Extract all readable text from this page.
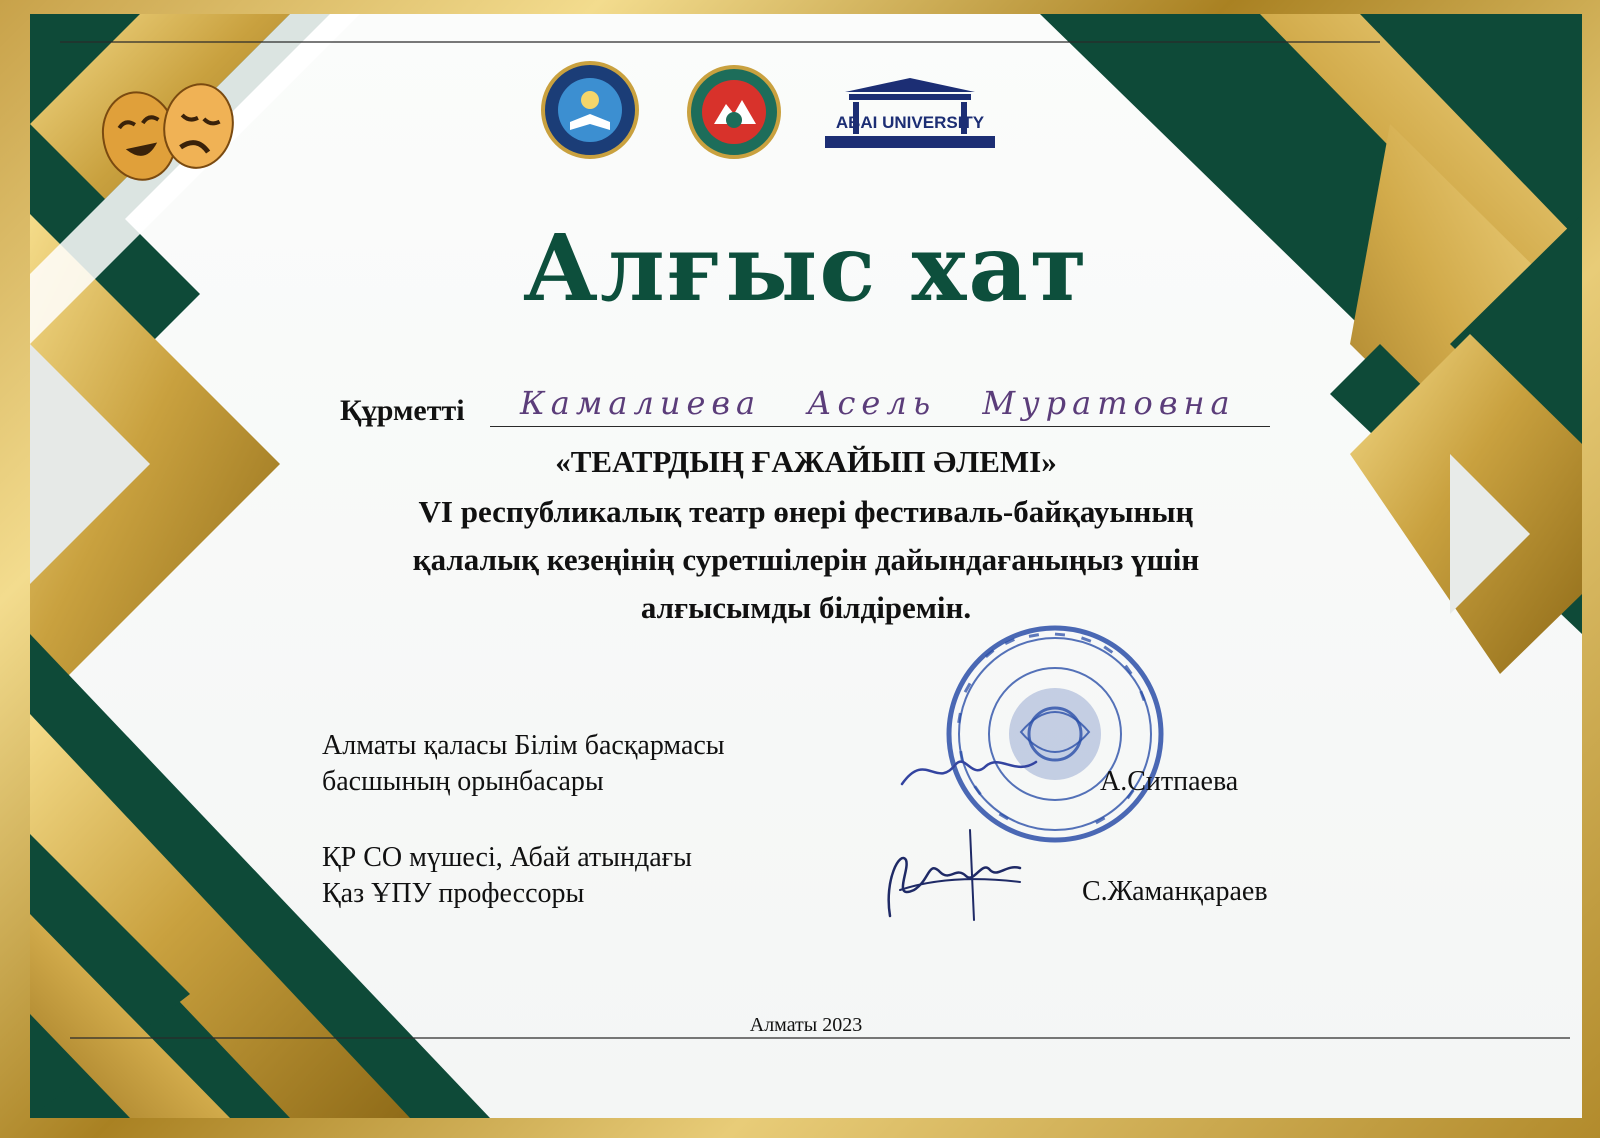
ABAI UNIVERSITY
Алғыс хат
Құрметті Камалиева Асель Муратовна
«ТЕАТРДЫҢ ҒАЖАЙЫП ӘЛЕМІ»
VI республикалық театр өнері фестиваль-байқауының
қалалық кезеңінің суретшілерін дайындағаныңыз үшін
алғысымды білдіремін.
Алматы қаласы Білім басқармасы
басшының орынбасары	А.Ситпаева
ҚР СО мүшесі, Абай атындағы
Қаз ҰПУ профессоры	С.Жаманқараев
Алматы 2023
